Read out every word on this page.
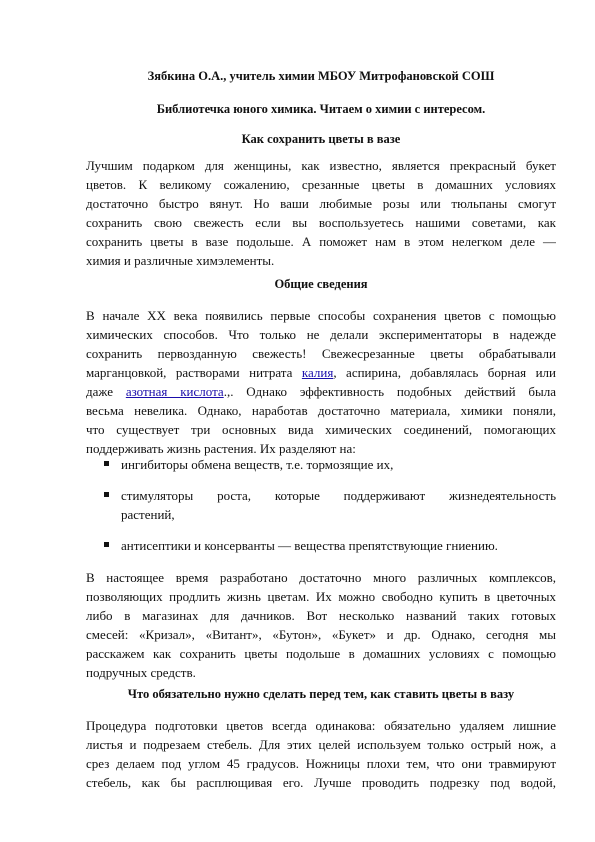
Зябкина О.А., учитель химии МБОУ Митрофановской СОШ
Библиотечка юного химика. Читаем о химии с интересом.
Как сохранить цветы в вазе
Лучшим подарком для женщины, как известно, является прекрасный букет
цветов. К великому сожалению, срезанные цветы в домашних условиях
достаточно быстро вянут. Но ваши любимые розы или тюльпаны смогут
сохранить свою свежесть если вы воспользуетесь нашими советами, как
сохранить цветы в вазе подольше. А поможет нам в этом нелегком деле —
химия и различные химэлементы.
Общие сведения
В начале XX века появились первые способы сохранения цветов с помощью
химических способов. Что только не делали экспериментаторы в надежде
сохранить первозданную свежесть! Свежесрезанные цветы обрабатывали
марганцовкой, растворами нитрата калия, аспирина, добавлялась борная или
даже азотная кислота.,. Однако эффективность подобных действий была
весьма невелика. Однако, наработав достаточно материала, химики поняли,
что существует три основных вида химических соединений, помогающих
поддерживать жизнь растения. Их разделяют на:
ингибиторы обмена веществ, т.е. тормозящие их,
стимуляторы роста, которые поддерживают жизнедеятельность
растений,
антисептики и консерванты — вещества препятствующие гниению.
В настоящее время разработано достаточно много различных комплексов,
позволяющих продлить жизнь цветам. Их можно свободно купить в цветочных
либо в магазинах для дачников. Вот несколько названий таких готовых
смесей: «Кризал», «Витант», «Бутон», «Букет» и др. Однако, сегодня мы
расскажем как сохранить цветы подольше в домашних условиях с помощью
подручных средств.
Что обязательно нужно сделать перед тем, как ставить цветы в вазу
Процедура подготовки цветов всегда одинакова: обязательно удаляем лишние
листья и подрезаем стебель. Для этих целей используем только острый нож, а
срез делаем под углом 45 градусов. Ножницы плохи тем, что они травмируют
стебель, как бы расплющивая его. Лучше проводить подрезку под водой,
